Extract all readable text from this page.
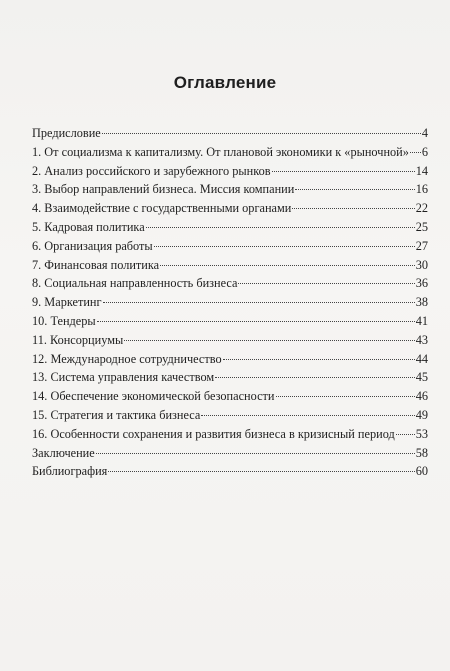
Оглавление
Предисловие	4
1. От социализма к капитализму. От плановой экономики к «рыночной» 6
2. Анализ российского и зарубежного рынков	14
3. Выбор направлений бизнеса. Миссия компании	16
4. Взаимодействие с государственными органами	22
5. Кадровая политика	25
6. Организация работы	27
7. Финансовая политика	30
8. Социальная направленность бизнеса	36
9. Маркетинг	38
10. Тендеры	41
11. Консорциумы	43
12. Международное сотрудничество	44
13. Система управления качеством	45
14. Обеспечение экономической безопасности	46
15. Стратегия и тактика бизнеса	49
16. Особенности сохранения и развития бизнеса в кризисный период 53
Заключение	58
Библиография	60
